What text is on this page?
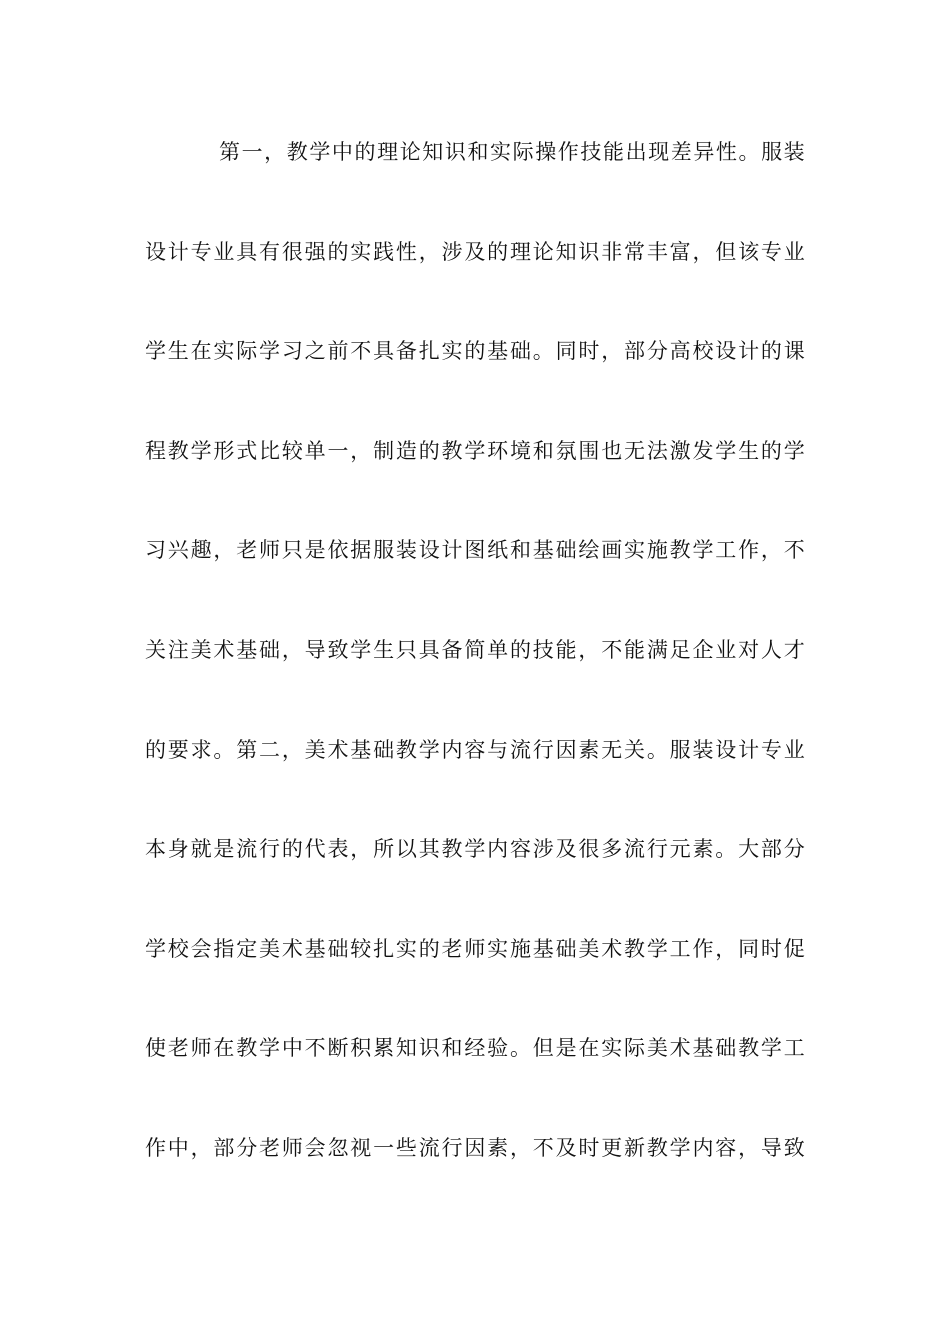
第一，教学中的理论知识和实际操作技能出现差异性。服装
设计专业具有很强的实践性，涉及的理论知识非常丰富，但该专业
学生在实际学习之前不具备扎实的基础。同时，部分高校设计的课
程教学形式比较单一，制造的教学环境和氛围也无法激发学生的学
习兴趣，老师只是依据服装设计图纸和基础绘画实施教学工作，不
关注美术基础，导致学生只具备简单的技能，不能满足企业对人才
的要求。第二，美术基础教学内容与流行因素无关。服装设计专业
本身就是流行的代表，所以其教学内容涉及很多流行元素。大部分
学校会指定美术基础较扎实的老师实施基础美术教学工作，同时促
使老师在教学中不断积累知识和经验。但是在实际美术基础教学工
作中，部分老师会忽视一些流行因素，不及时更新教学内容，导致
